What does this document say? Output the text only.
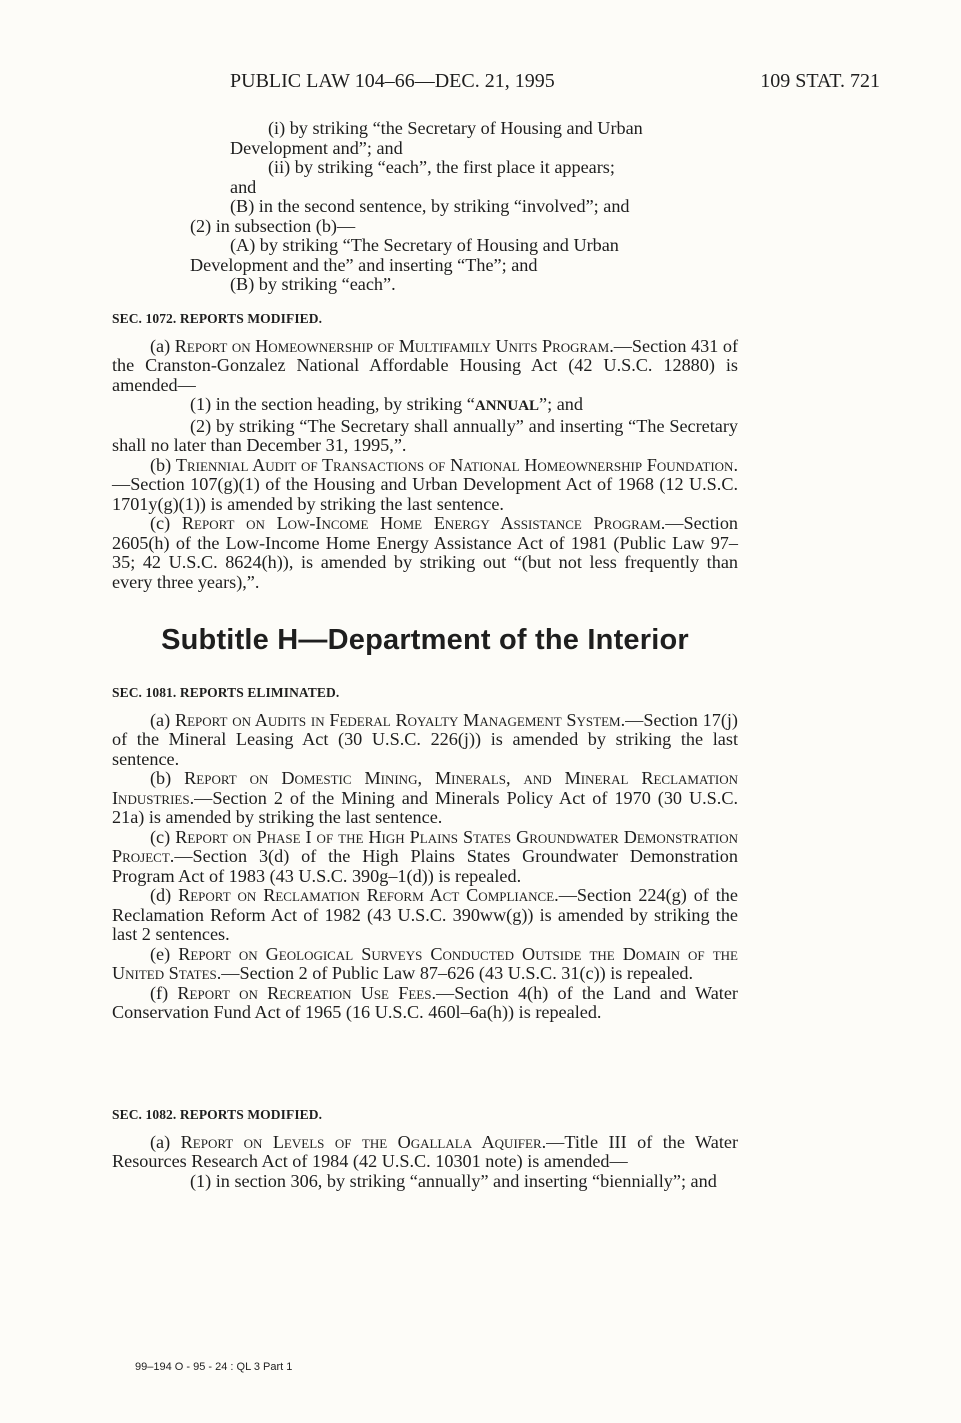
PUBLIC LAW 104–66—DEC. 21, 1995	109 STAT. 721

(i) by striking “the Secretary of Housing and Urban
Development and”; and

(ii) by striking “each”, the first place it appears;
and

(B) in the second sentence, by striking “involved”; and

(2) in subsection (b)—

(A) by striking “The Secretary of Housing and Urban
Development and the” and inserting “The”; and

(B) by striking “each”.

SEC. 1072. REPORTS MODIFIED.

(a) Report on Homeownership of Multifamily Units Program.—Section 431 of the Cranston-Gonzalez National Affordable Housing Act (42 U.S.C. 12880) is amended—

(1) in the section heading, by striking “ANNUAL”; and

(2) by striking “The Secretary shall annually” and inserting “The Secretary shall no later than December 31, 1995,”.

(b) Triennial Audit of Transactions of National Homeownership Foundation.—Section 107(g)(1) of the Housing and Urban Development Act of 1968 (12 U.S.C. 1701y(g)(1)) is amended by striking the last sentence.

(c) Report on Low-Income Home Energy Assistance Program.—Section 2605(h) of the Low-Income Home Energy Assistance Act of 1981 (Public Law 97–35; 42 U.S.C. 8624(h)), is amended by striking out “(but not less frequently than every three years),”.

Subtitle H—Department of the Interior

SEC. 1081. REPORTS ELIMINATED.

(a) Report on Audits in Federal Royalty Management System.—Section 17(j) of the Mineral Leasing Act (30 U.S.C. 226(j)) is amended by striking the last sentence.

(b) Report on Domestic Mining, Minerals, and Mineral Reclamation Industries.—Section 2 of the Mining and Minerals Policy Act of 1970 (30 U.S.C. 21a) is amended by striking the last sentence.

(c) Report on Phase I of the High Plains States Groundwater Demonstration Project.—Section 3(d) of the High Plains States Groundwater Demonstration Program Act of 1983 (43 U.S.C. 390g–1(d)) is repealed.

(d) Report on Reclamation Reform Act Compliance.—Section 224(g) of the Reclamation Reform Act of 1982 (43 U.S.C. 390ww(g)) is amended by striking the last 2 sentences.

(e) Report on Geological Surveys Conducted Outside the Domain of the United States.—Section 2 of Public Law 87–626 (43 U.S.C. 31(c)) is repealed.

(f) Report on Recreation Use Fees.—Section 4(h) of the Land and Water Conservation Fund Act of 1965 (16 U.S.C. 460l–6a(h)) is repealed.

SEC. 1082. REPORTS MODIFIED.

(a) Report on Levels of the Ogallala Aquifer.—Title III of the Water Resources Research Act of 1984 (42 U.S.C. 10301 note) is amended—

(1) in section 306, by striking “annually” and inserting “biennially”; and

99–194 O - 95 - 24 : QL 3 Part 1
